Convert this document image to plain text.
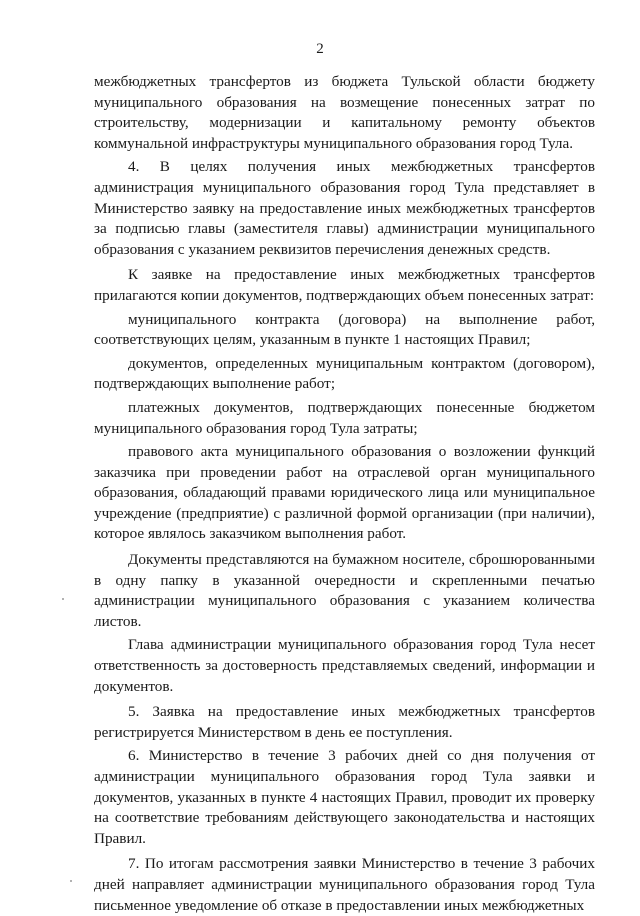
2

межбюджетных трансфертов из бюджета Тульской области бюджету муниципального образования на возмещение понесенных затрат по строительству, модернизации и капитальному ремонту объектов коммунальной инфраструктуры муниципального образования город Тула.

4. В целях получения иных межбюджетных трансфертов администрация муниципального образования город Тула представляет в Министерство заявку на предоставление иных межбюджетных трансфертов за подписью главы (заместителя главы) администрации муниципального образования с указанием реквизитов перечисления денежных средств.

К заявке на предоставление иных межбюджетных трансфертов прилагаются копии документов, подтверждающих объем понесенных затрат:

муниципального контракта (договора) на выполнение работ, соответствующих целям, указанным в пункте 1 настоящих Правил;

документов, определенных муниципальным контрактом (договором), подтверждающих выполнение работ;

платежных документов, подтверждающих понесенные бюджетом муниципального образования город Тула затраты;

правового акта муниципального образования о возложении функций заказчика при проведении работ на отраслевой орган муниципального образования, обладающий правами юридического лица или муниципальное учреждение (предприятие) с различной формой организации (при наличии), которое являлось заказчиком выполнения работ.

Документы представляются на бумажном носителе, сброшюрованными в одну папку в указанной очередности и скрепленными печатью администрации муниципального образования с указанием количества листов.

Глава администрации муниципального образования город Тула несет ответственность за достоверность представляемых сведений, информации и документов.

5. Заявка на предоставление иных межбюджетных трансфертов регистрируется Министерством в день ее поступления.

6. Министерство в течение 3 рабочих дней со дня получения от администрации муниципального образования город Тула заявки и документов, указанных в пункте 4 настоящих Правил, проводит их проверку на соответствие требованиям действующего законодательства и настоящих Правил.

7. По итогам рассмотрения заявки Министерство в течение 3 рабочих дней направляет администрации муниципального образования город Тула письменное уведомление об отказе в предоставлении иных межбюджетных
